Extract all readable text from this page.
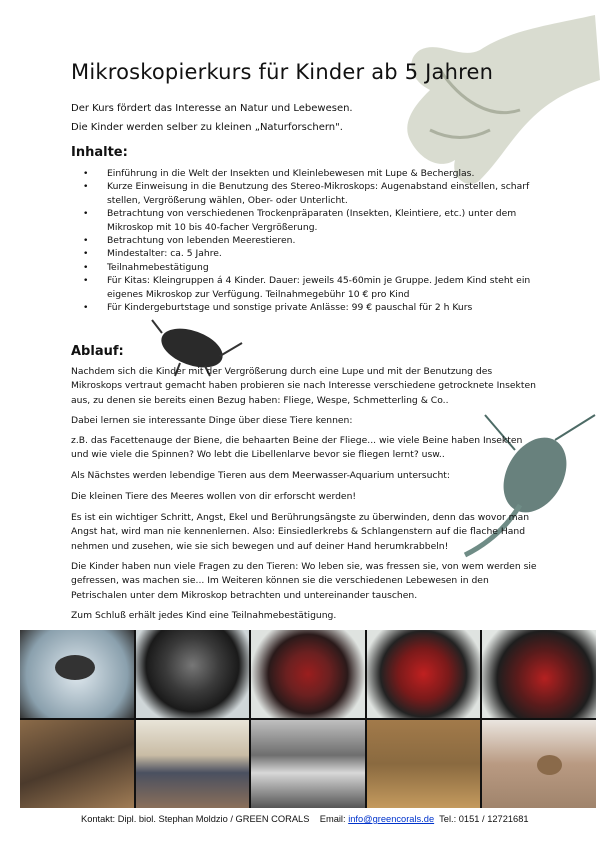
Mikroskopierkurs für Kinder ab 5 Jahren
Der Kurs fördert das Interesse an Natur und Lebewesen.
Die Kinder werden selber zu kleinen „Naturforschern".
Inhalte:
• Einführung in die Welt der Insekten und Kleinlebewesen mit Lupe & Becherglas.
• Kurze Einweisung in die Benutzung des Stereo-Mikroskops: Augenabstand einstellen, scharf stellen, Vergrößerung wählen, Ober- oder Unterlicht.
• Betrachtung von verschiedenen Trockenpräparaten (Insekten, Kleintiere, etc.) unter dem Mikroskop mit 10 bis 40-facher Vergrößerung.
• Betrachtung von lebenden Meerestieren.
• Mindestalter: ca. 5 Jahre.
• Teilnahmebestätigung
• Für Kitas: Kleingruppen á 4 Kinder. Dauer: jeweils 45-60min je Gruppe. Jedem Kind steht ein eigenes Mikroskop zur Verfügung. Teilnahmegebühr 10 € pro Kind
• Für Kindergeburtstage und sonstige private Anlässe: 99 € pauschal für 2 h Kurs
Ablauf:
Nachdem sich die Kinder mit der Vergrößerung durch eine Lupe und mit der Benutzung des Mikroskops vertraut gemacht haben probieren sie nach Interesse verschiedene getrocknete Insekten aus, zu denen sie bereits einen Bezug haben: Fliege, Wespe, Schmetterling & Co..
Dabei lernen sie interessante Dinge über diese Tiere kennen:
z.B. das Facettenauge der Biene, die behaarten Beine der Fliege... wie viele Beine haben Insekten und wie viele die Spinnen? Wo lebt die Libellenlarve bevor sie fliegen lernt? usw..
Als Nächstes werden lebendige Tieren aus dem Meerwasser-Aquarium untersucht:
Die kleinen Tiere des Meeres wollen von dir erforscht werden!
Es ist ein wichtiger Schritt, Angst, Ekel und Berührungsängste zu überwinden, denn das wovor man Angst hat, wird man nie kennenlernen. Also: Einsiedlerkrebs & Schlangenstern auf die flache Hand nehmen und zusehen, wie sie sich bewegen und auf deiner Hand herumkrabbeln!
Die Kinder haben nun viele Fragen zu den Tieren: Wo leben sie, was fressen sie, von wem werden sie gefressen, was machen sie... Im Weiteren können sie die verschiedenen Lebewesen in den Petrischalen unter dem Mikroskop betrachten und untereinander tauschen.
Zum Schluß erhält jedes Kind eine Teilnahmebestätigung.
Kontakt: Dipl. biol. Stephan Moldzio / GREEN CORALS Email: info@greencorals.de Tel.: 0151 / 12721681
